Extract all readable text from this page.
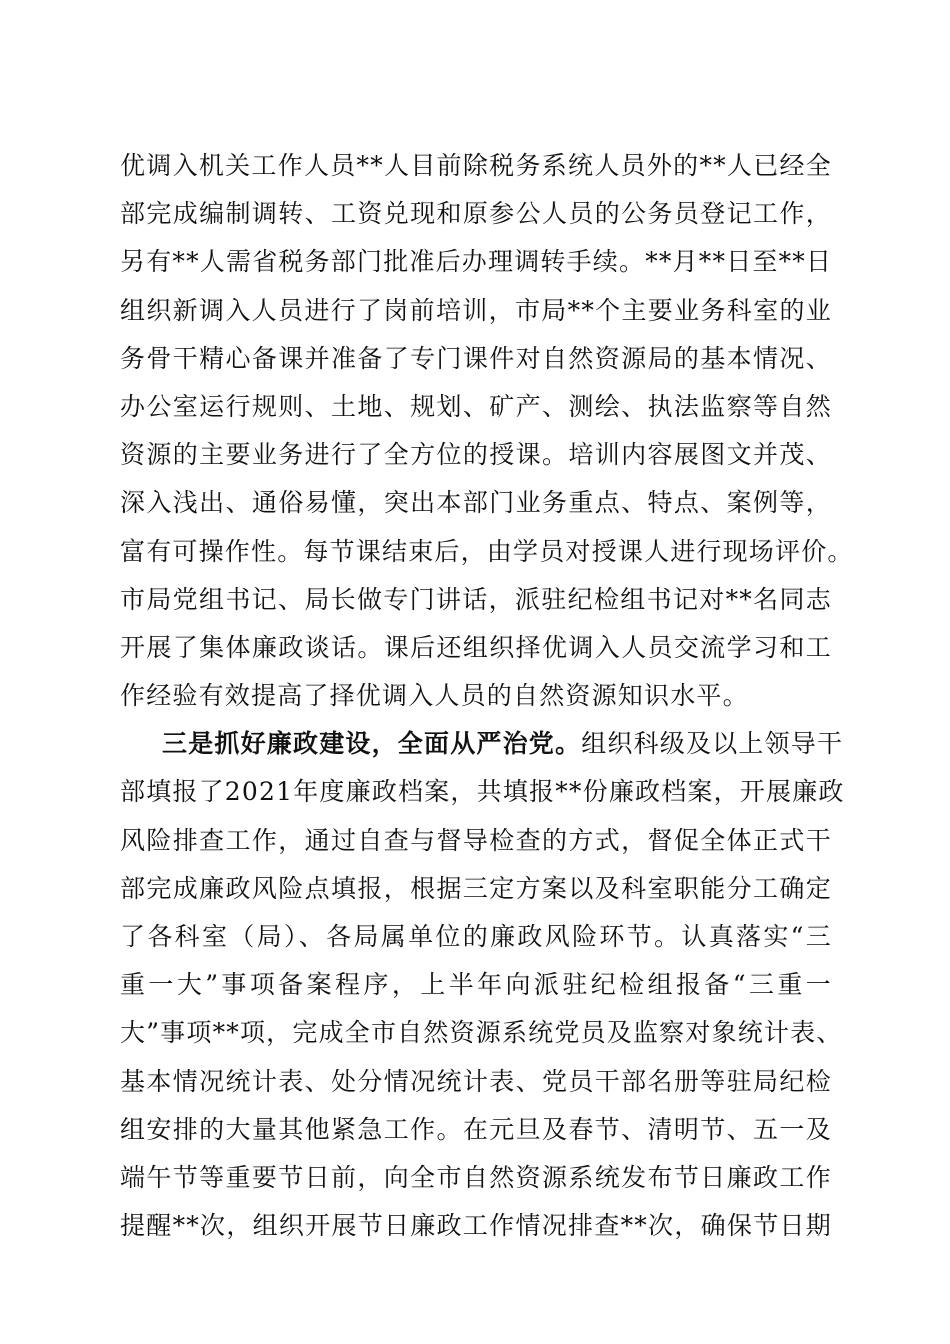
优调入机关工作人员**人目前除税务系统人员外的**人已经全
部完成编制调转、工资兑现和原参公人员的公务员登记工作，
另有**人需省税务部门批准后办理调转手续。**月**日至**日
组织新调入人员进行了岗前培训，市局**个主要业务科室的业
务骨干精心备课并准备了专门课件对自然资源局的基本情况、
办公室运行规则、土地、规划、矿产、测绘、执法监察等自然
资源的主要业务进行了全方位的授课。培训内容展图文并茂、
深入浅出、通俗易懂，突出本部门业务重点、特点、案例等，
富有可操作性。每节课结束后，由学员对授课人进行现场评价。
市局党组书记、局长做专门讲话，派驻纪检组书记对**名同志
开展了集体廉政谈话。课后还组织择优调入人员交流学习和工
作经验有效提高了择优调入人员的自然资源知识水平。
三是抓好廉政建设，全面从严治党。组织科级及以上领导干
部填报了2021年度廉政档案，共填报**份廉政档案，开展廉政
风险排查工作，通过自查与督导检查的方式，督促全体正式干
部完成廉政风险点填报，根据三定方案以及科室职能分工确定
了各科室（局）、各局属单位的廉政风险环节。认真落实“三
重一大”事项备案程序，上半年向派驻纪检组报备“三重一
大”事项**项，完成全市自然资源系统党员及监察对象统计表、
基本情况统计表、处分情况统计表、党员干部名册等驻局纪检
组安排的大量其他紧急工作。在元旦及春节、清明节、五一及
端午节等重要节日前，向全市自然资源系统发布节日廉政工作
提醒**次，组织开展节日廉政工作情况排查**次，确保节日期
